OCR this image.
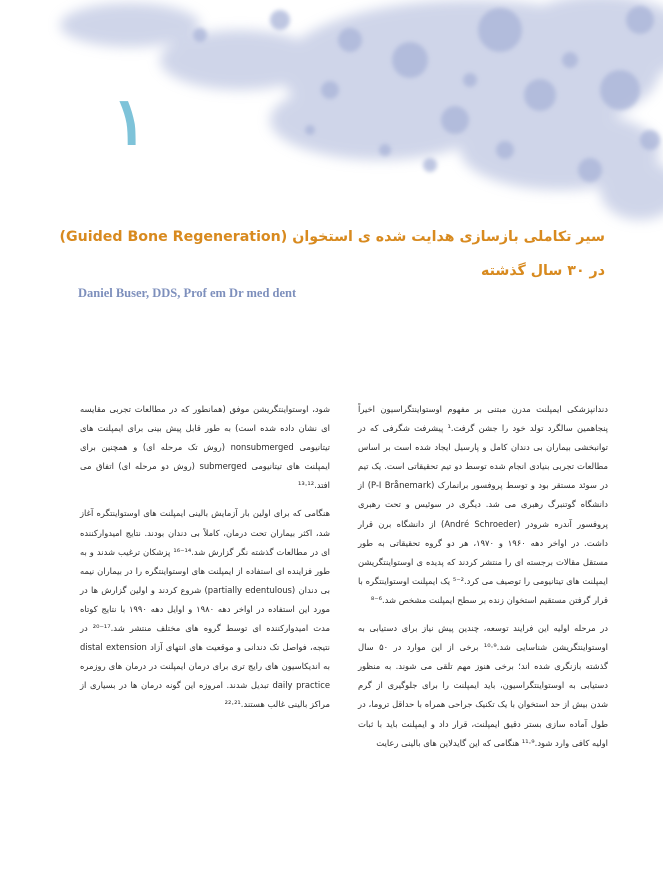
۱
سیر تکاملی بازسازی هدایت شده ی استخوان (Guided Bone Regeneration)
در ۳۰ سال گذشته
Daniel Buser, DDS, Prof em Dr med dent

دندانپزشکی ایمپلنت مدرن مبتنی بر مفهوم اوستواینتگراسیون اخیراً پنجاهمین سالگرد تولد خود را جشن گرفت.¹ پیشرفت شگرفی که در توانبخشی بیماران بی دندان کامل و پارسیل ایجاد شده است بر اساس مطالعات تجربی بنیادی انجام شده توسط دو تیم تحقیقاتی است. یک تیم در سوئد مستقر بود و توسط پروفسور برانمارک (P-I Brånemark) از دانشگاه گوتنبرگ رهبری می شد. دیگری در سوئیس و تحت رهبری پروفسور آندره شرودر (André Schroeder) از دانشگاه برن قرار داشت. در اواخر دهه ۱۹۶۰ و ۱۹۷۰، هر دو گروه تحقیقاتی به طور مستقل مقالات برجسته ای را منتشر کردند که پدیده ی اوستواینتگریشن ایمپلنت های تیتانیومی را توصیف می کرد.²⁻⁵ یک ایمپلنت اوستواینتگره با قرار گرفتن مستقیم استخوان زنده بر سطح ایمپلنت مشخص شد.⁶⁻⁸

در مرحله اولیه این فرایند توسعه، چندین پیش نیاز برای دستیابی به اوستواینتگریشن شناسایی شد.⁹·¹⁰ برخی از این موارد در ۵۰ سال گذشته بازنگری شده اند؛ برخی هنوز مهم تلقی می شوند. به منظور دستیابی به اوستواینتگراسیون، باید ایمپلنت را برای جلوگیری از گرم شدن بیش از حد استخوان با یک تکنیک جراحی همراه با حداقل تروما، در طول آماده سازی بستر دقیق ایمپلنت، قرار داد و ایمپلنت باید با ثبات اولیه کافی وارد شود.⁹·¹¹ هنگامی که این گایدلاین های بالینی رعایت

شود، اوستواینتگریشن موفق (همانطور که در مطالعات تجربی مقایسه ای نشان داده شده است) به طور قابل پیش بینی برای ایمپلنت های تیتانیومی nonsubmerged (روش تک مرحله ای) و همچنین برای ایمپلنت های تیتانیومی submerged (روش دو مرحله ای) اتفاق می افتد.¹²·¹³

هنگامی که برای اولین بار آزمایش بالینی ایمپلنت های اوستواینتگره آغاز شد، اکثر بیماران تحت درمان، کاملاً بی دندان بودند. نتایج امیدوارکننده ای در مطالعات گذشته نگر گزارش شد.¹⁴⁻¹⁶ پزشکان ترغیب شدند و به طور فزاینده ای استفاده از ایمپلنت های اوستواینتگره را در بیماران نیمه بی دندان (partially edentulous) شروع کردند و اولین گزارش ها در مورد این استفاده در اواخر دهه ۱۹۸۰ و اوایل دهه ۱۹۹۰ با نتایج کوتاه مدت امیدوارکننده ای توسط گروه های مختلف منتشر شد.¹⁷⁻²⁰ در نتیجه، فواصل تک دندانی و موقعیت های انتهای آزاد distal extension به اندیکاسیون های رایج تری برای درمان ایمپلنت در درمان های روزمره daily practice تبدیل شدند. امروزه این گونه درمان ها در بسیاری از مراکز بالینی غالب هستند.²¹·²²
